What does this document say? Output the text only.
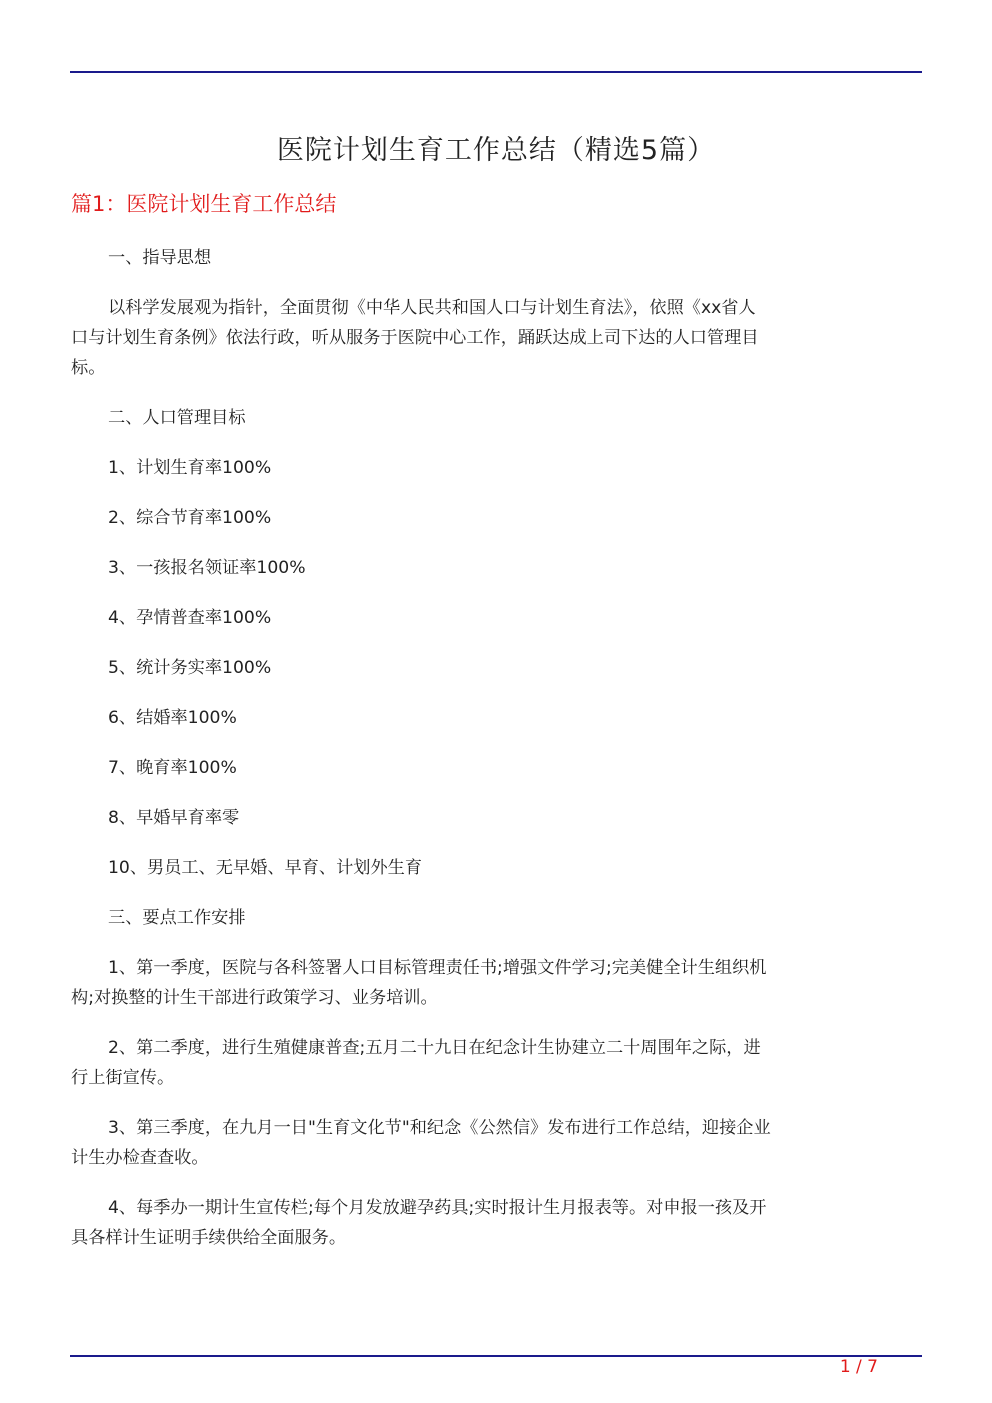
医院计划生育工作总结（精选5篇）
篇1：医院计划生育工作总结

一、指导思想

以科学发展观为指针，全面贯彻《中华人民共和国人口与计划生育法》，依照《xx省人口与计划生育条例》依法行政，听从服务于医院中心工作，踊跃达成上司下达的人口管理目标。

二、人口管理目标

1、计划生育率100%

2、综合节育率100%

3、一孩报名领证率100%

4、孕情普查率100%

5、统计务实率100%

6、结婚率100%

7、晚育率100%

8、早婚早育率零

10、男员工、无早婚、早育、计划外生育

三、要点工作安排

1、第一季度，医院与各科签署人口目标管理责任书;增强文件学习;完美健全计生组织机构;对换整的计生干部进行政策学习、业务培训。

2、第二季度，进行生殖健康普查;五月二十九日在纪念计生协建立二十周围年之际，进行上街宣传。

3、第三季度，在九月一日"生育文化节"和纪念《公然信》发布进行工作总结，迎接企业计生办检查查收。

4、每季办一期计生宣传栏;每个月发放避孕药具;实时报计生月报表等。对申报一孩及开具各样计生证明手续供给全面服务。

1 / 7
